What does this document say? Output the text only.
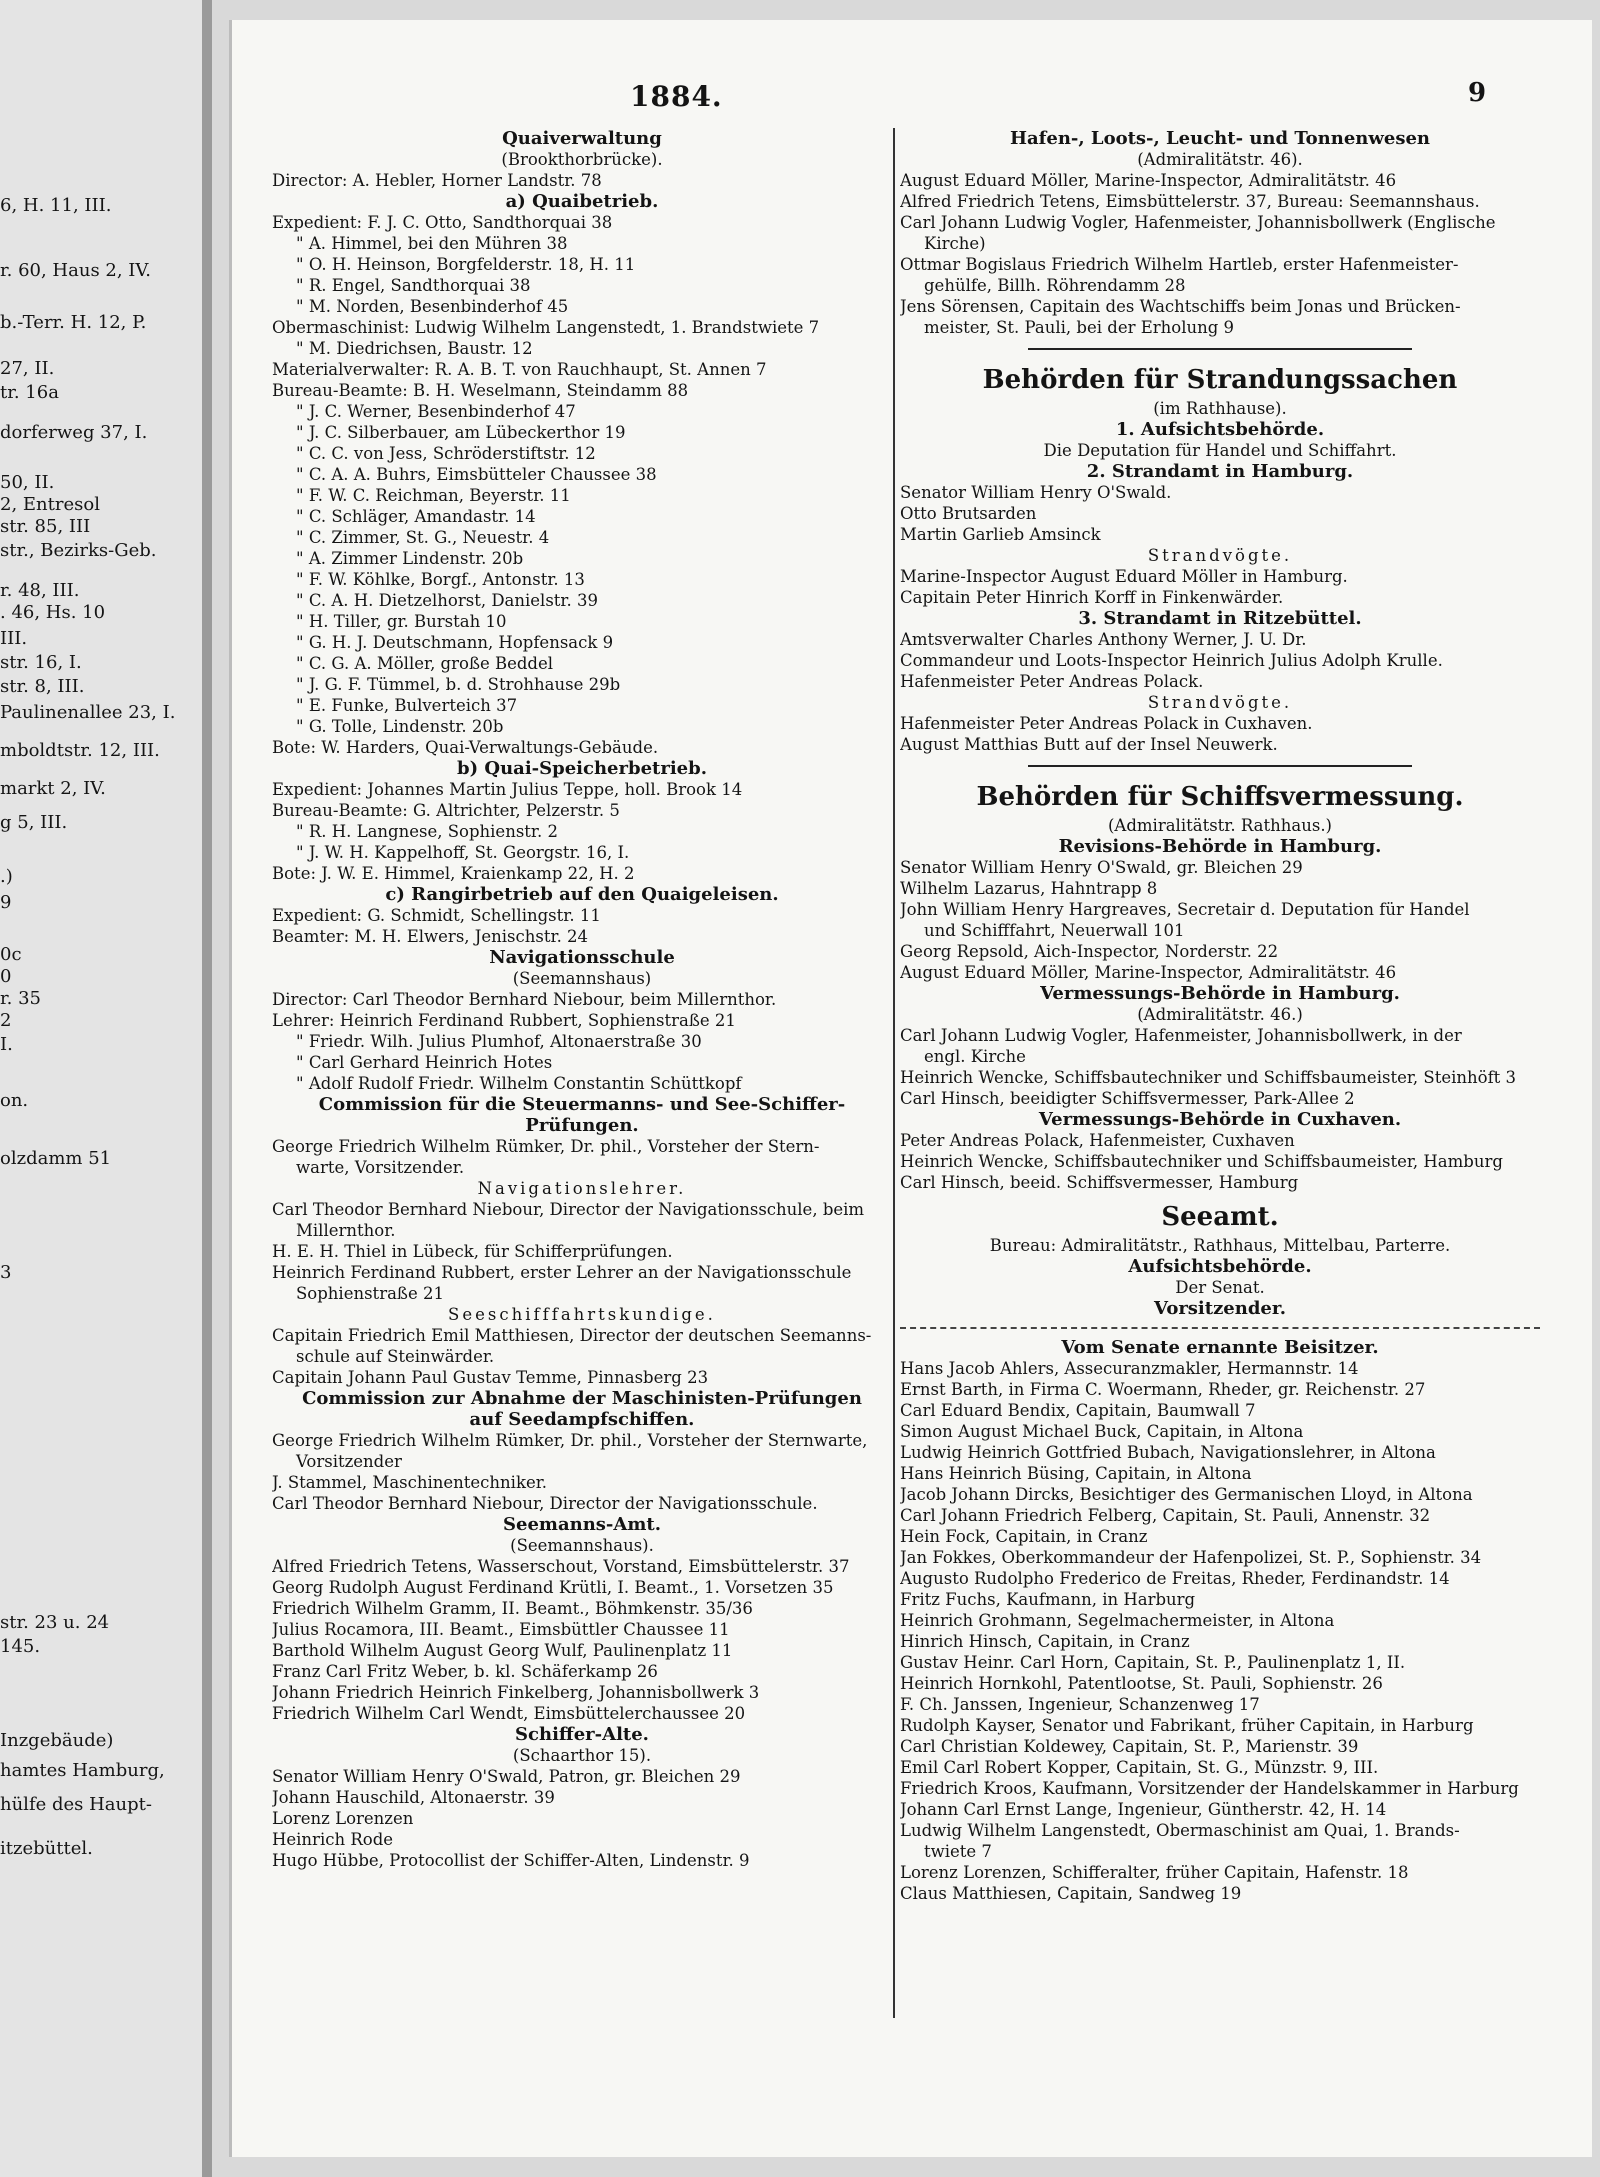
6, H. 11, III.
r. 60, Haus 2, IV.
b.-Terr. H. 12, P.
27, II.
tr. 16a
dorferweg 37, I.
50, II.
2, Entresol
str. 85, III
str., Bezirks-Geb.
r. 48, III.
. 46, Hs. 10
III.
str. 16, I.
str. 8, III.
Paulinenallee 23, I.
mboldtstr. 12, III.
markt 2, IV.
g 5, III.
.)
9
0c
0
r. 35
2
I.
on.
olzdamm 51
3
str. 23 u. 24
145.
Inzgebäude)
hamtes Hamburg,
hülfe des Haupt-
itzebüttel.
1884.	9
Quaiverwaltung
(Brookthorbrücke).
Director: A. Hebler, Horner Landstr. 78
a) Quaibetrieb.
Expedient: F. J. C. Otto, Sandthorquai 38
" A. Himmel, bei den Mühren 38
" O. H. Heinson, Borgfelderstr. 18, H. 11
" R. Engel, Sandthorquai 38
" M. Norden, Besenbinderhof 45
Obermaschinist: Ludwig Wilhelm Langenstedt, 1. Brandstwiete 7
" M. Diedrichsen, Baustr. 12
Materialverwalter: R. A. B. T. von Rauchhaupt, St. Annen 7
Bureau-Beamte: B. H. Weselmann, Steindamm 88
" J. C. Werner, Besenbinderhof 47
" J. C. Silberbauer, am Lübeckerthor 19
" C. C. von Jess, Schröderstiftstr. 12
" C. A. A. Buhrs, Eimsbütteler Chaussee 38
" F. W. C. Reichman, Beyerstr. 11
" C. Schläger, Amandastr. 14
" C. Zimmer, St. G., Neuestr. 4
" A. Zimmer Lindenstr. 20b
" F. W. Köhlke, Borgf., Antonstr. 13
" C. A. H. Dietzelhorst, Danielstr. 39
" H. Tiller, gr. Burstah 10
" G. H. J. Deutschmann, Hopfensack 9
" C. G. A. Möller, große Beddel
" J. G. F. Tümmel, b. d. Strohhause 29b
" E. Funke, Bulverteich 37
" G. Tolle, Lindenstr. 20b
Bote: W. Harders, Quai-Verwaltungs-Gebäude.
b) Quai-Speicherbetrieb.
Expedient: Johannes Martin Julius Teppe, holl. Brook 14
Bureau-Beamte: G. Altrichter, Pelzerstr. 5
" R. H. Langnese, Sophienstr. 2
" J. W. H. Kappelhoff, St. Georgstr. 16, I.
Bote: J. W. E. Himmel, Kraienkamp 22, H. 2
c) Rangirbetrieb auf den Quaigeleisen.
Expedient: G. Schmidt, Schellingstr. 11
Beamter: M. H. Elwers, Jenischstr. 24
Navigationsschule
(Seemannshaus)
Director: Carl Theodor Bernhard Niebour, beim Millernthor.
Lehrer: Heinrich Ferdinand Rubbert, Sophienstraße 21
" Friedr. Wilh. Julius Plumhof, Altonaerstraße 30
" Carl Gerhard Heinrich Hotes
" Adolf Rudolf Friedr. Wilhelm Constantin Schüttkopf
Commission für die Steuermanns- und See-Schiffer-
Prüfungen.
George Friedrich Wilhelm Rümker, Dr. phil., Vorsteher der Stern-
warte, Vorsitzender.
Navigationslehrer.
Carl Theodor Bernhard Niebour, Director der Navigationsschule, beim
Millernthor.
H. E. H. Thiel in Lübeck, für Schifferprüfungen.
Heinrich Ferdinand Rubbert, erster Lehrer an der Navigationsschule
Sophienstraße 21
Seeschifffahrtskundige.
Capitain Friedrich Emil Matthiesen, Director der deutschen Seemanns-
schule auf Steinwärder.
Capitain Johann Paul Gustav Temme, Pinnasberg 23
Commission zur Abnahme der Maschinisten-Prüfungen
auf Seedampfschiffen.
George Friedrich Wilhelm Rümker, Dr. phil., Vorsteher der Sternwarte,
Vorsitzender
J. Stammel, Maschinentechniker.
Carl Theodor Bernhard Niebour, Director der Navigationsschule.
Seemanns-Amt.
(Seemannshaus).
Alfred Friedrich Tetens, Wasserschout, Vorstand, Eimsbüttelerstr. 37
Georg Rudolph August Ferdinand Krütli, I. Beamt., 1. Vorsetzen 35
Friedrich Wilhelm Gramm, II. Beamt., Böhmkenstr. 35/36
Julius Rocamora, III. Beamt., Eimsbüttler Chaussee 11
Barthold Wilhelm August Georg Wulf, Paulinenplatz 11
Franz Carl Fritz Weber, b. kl. Schäferkamp 26
Johann Friedrich Heinrich Finkelberg, Johannisbollwerk 3
Friedrich Wilhelm Carl Wendt, Eimsbüttelerchaussee 20
Schiffer-Alte.
(Schaarthor 15).
Senator William Henry O'Swald, Patron, gr. Bleichen 29
Johann Hauschild, Altonaerstr. 39
Lorenz Lorenzen
Heinrich Rode
Hugo Hübbe, Protocollist der Schiffer-Alten, Lindenstr. 9
Hafen-, Loots-, Leucht- und Tonnenwesen
(Admiralitätstr. 46).
August Eduard Möller, Marine-Inspector, Admiralitätstr. 46
Alfred Friedrich Tetens, Eimsbüttelerstr. 37, Bureau: Seemannshaus.
Carl Johann Ludwig Vogler, Hafenmeister, Johannisbollwerk (Englische
Kirche)
Ottmar Bogislaus Friedrich Wilhelm Hartleb, erster Hafenmeister-
gehülfe, Billh. Röhrendamm 28
Jens Sörensen, Capitain des Wachtschiffs beim Jonas und Brücken-
meister, St. Pauli, bei der Erholung 9
Behörden für Strandungssachen
(im Rathhause).
1. Aufsichtsbehörde.
Die Deputation für Handel und Schiffahrt.
2. Strandamt in Hamburg.
Senator William Henry O'Swald.
Otto Brutsarden
Martin Garlieb Amsinck
Strandvögte.
Marine-Inspector August Eduard Möller in Hamburg.
Capitain Peter Hinrich Korff in Finkenwärder.
3. Strandamt in Ritzebüttel.
Amtsverwalter Charles Anthony Werner, J. U. Dr.
Commandeur und Loots-Inspector Heinrich Julius Adolph Krulle.
Hafenmeister Peter Andreas Polack.
Strandvögte.
Hafenmeister Peter Andreas Polack in Cuxhaven.
August Matthias Butt auf der Insel Neuwerk.
Behörden für Schiffsvermessung.
(Admiralitätstr. Rathhaus.)
Revisions-Behörde in Hamburg.
Senator William Henry O'Swald, gr. Bleichen 29
Wilhelm Lazarus, Hahntrapp 8
John William Henry Hargreaves, Secretair d. Deputation für Handel
und Schifffahrt, Neuerwall 101
Georg Repsold, Aich-Inspector, Norderstr. 22
August Eduard Möller, Marine-Inspector, Admiralitätstr. 46
Vermessungs-Behörde in Hamburg.
(Admiralitätstr. 46.)
Carl Johann Ludwig Vogler, Hafenmeister, Johannisbollwerk, in der
engl. Kirche
Heinrich Wencke, Schiffsbautechniker und Schiffsbaumeister, Steinhöft 3
Carl Hinsch, beeidigter Schiffsvermesser, Park-Allee 2
Vermessungs-Behörde in Cuxhaven.
Peter Andreas Polack, Hafenmeister, Cuxhaven
Heinrich Wencke, Schiffsbautechniker und Schiffsbaumeister, Hamburg
Carl Hinsch, beeid. Schiffsvermesser, Hamburg
Seeamt.
Bureau: Admiralitätstr., Rathhaus, Mittelbau, Parterre.
Aufsichtsbehörde.
Der Senat.
Vorsitzender.
Vom Senate ernannte Beisitzer.
Hans Jacob Ahlers, Assecuranzmakler, Hermannstr. 14
Ernst Barth, in Firma C. Woermann, Rheder, gr. Reichenstr. 27
Carl Eduard Bendix, Capitain, Baumwall 7
Simon August Michael Buck, Capitain, in Altona
Ludwig Heinrich Gottfried Bubach, Navigationslehrer, in Altona
Hans Heinrich Büsing, Capitain, in Altona
Jacob Johann Dircks, Besichtiger des Germanischen Lloyd, in Altona
Carl Johann Friedrich Felberg, Capitain, St. Pauli, Annenstr. 32
Hein Fock, Capitain, in Cranz
Jan Fokkes, Oberkommandeur der Hafenpolizei, St. P., Sophienstr. 34
Augusto Rudolpho Frederico de Freitas, Rheder, Ferdinandstr. 14
Fritz Fuchs, Kaufmann, in Harburg
Heinrich Grohmann, Segelmachermeister, in Altona
Hinrich Hinsch, Capitain, in Cranz
Gustav Heinr. Carl Horn, Capitain, St. P., Paulinenplatz 1, II.
Heinrich Hornkohl, Patentlootse, St. Pauli, Sophienstr. 26
F. Ch. Janssen, Ingenieur, Schanzenweg 17
Rudolph Kayser, Senator und Fabrikant, früher Capitain, in Harburg
Carl Christian Koldewey, Capitain, St. P., Marienstr. 39
Emil Carl Robert Kopper, Capitain, St. G., Münzstr. 9, III.
Friedrich Kroos, Kaufmann, Vorsitzender der Handelskammer in Harburg
Johann Carl Ernst Lange, Ingenieur, Güntherstr. 42, H. 14
Ludwig Wilhelm Langenstedt, Obermaschinist am Quai, 1. Brands-
twiete 7
Lorenz Lorenzen, Schifferalter, früher Capitain, Hafenstr. 18
Claus Matthiesen, Capitain, Sandweg 19
